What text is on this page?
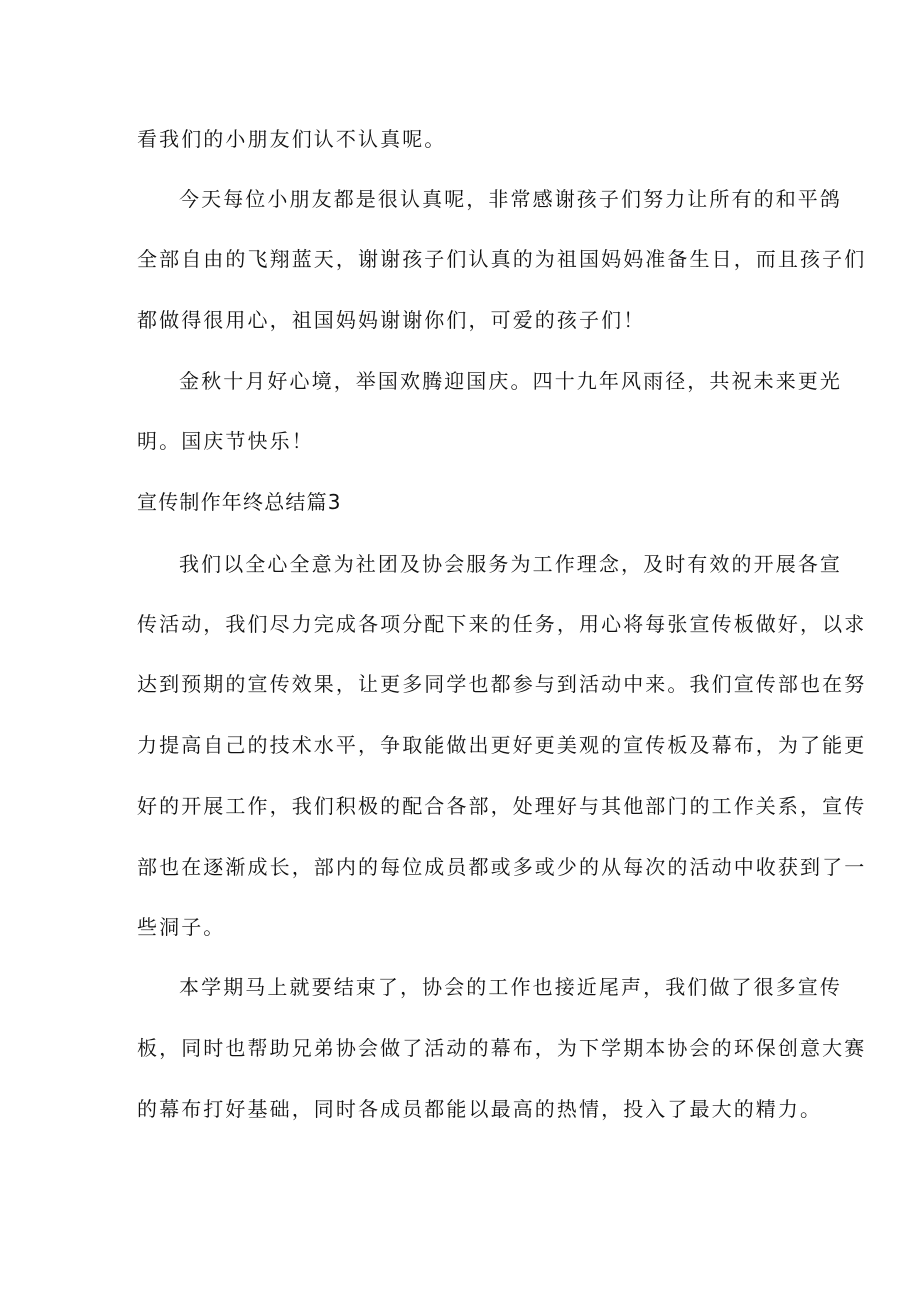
看我们的小朋友们认不认真呢。
今天每位小朋友都是很认真呢，非常感谢孩子们努力让所有的和平鸽
全部自由的飞翔蓝天，谢谢孩子们认真的为祖国妈妈准备生日，而且孩子们
都做得很用心，祖国妈妈谢谢你们，可爱的孩子们！
金秋十月好心境，举国欢腾迎国庆。四十九年风雨径，共祝未来更光
明。国庆节快乐！
宣传制作年终总结篇3
我们以全心全意为社团及协会服务为工作理念，及时有效的开展各宣
传活动，我们尽力完成各项分配下来的任务，用心将每张宣传板做好，以求
达到预期的宣传效果，让更多同学也都参与到活动中来。我们宣传部也在努
力提高自己的技术水平，争取能做出更好更美观的宣传板及幕布，为了能更
好的开展工作，我们积极的配合各部，处理好与其他部门的工作关系，宣传
部也在逐渐成长，部内的每位成员都或多或少的从每次的活动中收获到了一
些洞子。
本学期马上就要结束了，协会的工作也接近尾声，我们做了很多宣传
板，同时也帮助兄弟协会做了活动的幕布，为下学期本协会的环保创意大赛
的幕布打好基础，同时各成员都能以最高的热情，投入了最大的精力。
